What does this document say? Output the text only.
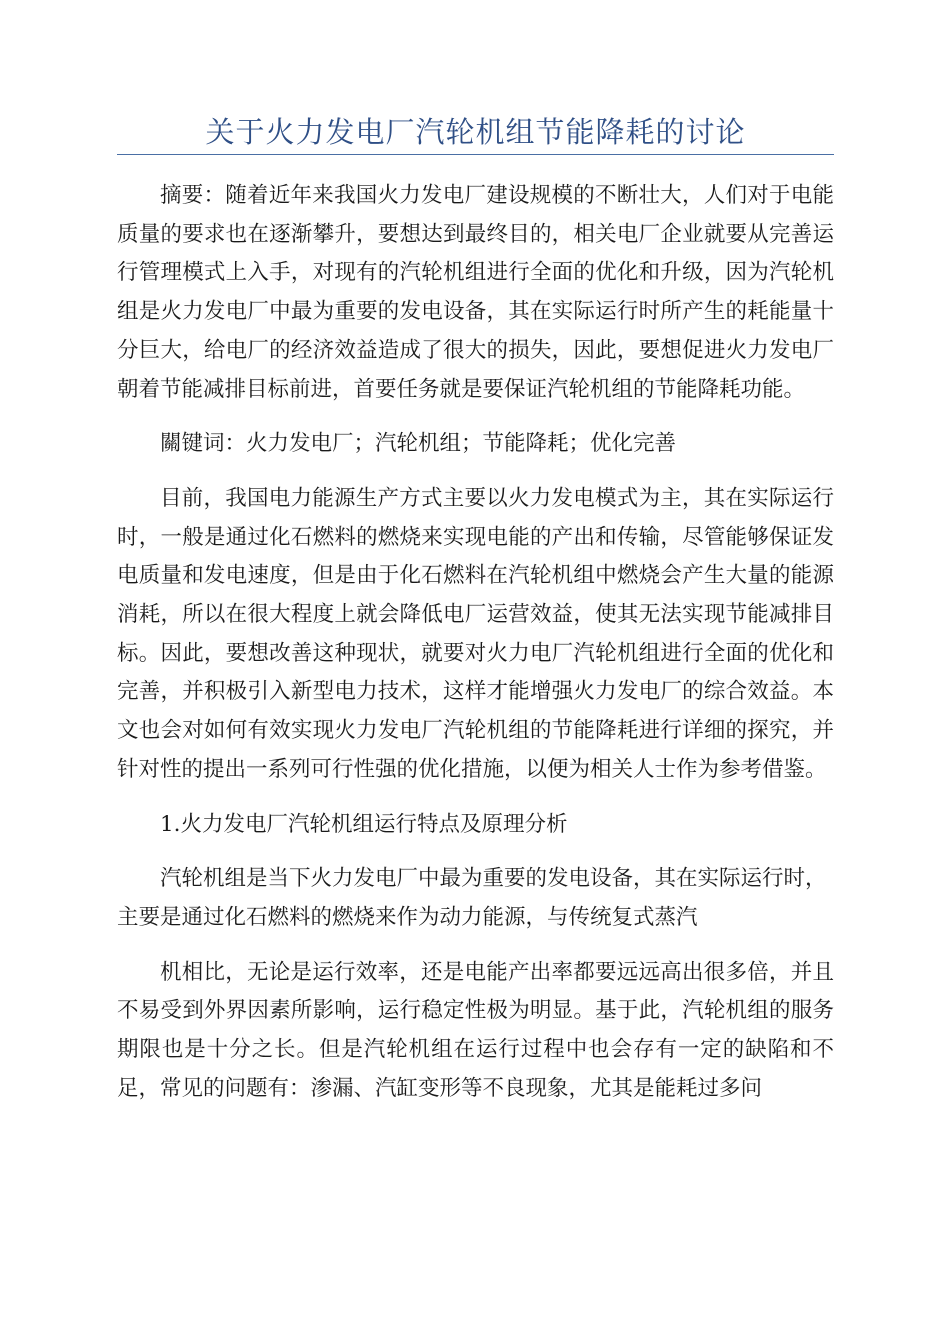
关于火力发电厂汽轮机组节能降耗的讨论

摘要：随着近年来我国火力发电厂建设规模的不断壮大，人们对于电能质量的要求也在逐渐攀升，要想达到最终目的，相关电厂企业就要从完善运行管理模式上入手，对现有的汽轮机组进行全面的优化和升级，因为汽轮机组是火力发电厂中最为重要的发电设备，其在实际运行时所产生的耗能量十分巨大，给电厂的经济效益造成了很大的损失，因此，要想促进火力发电厂朝着节能减排目标前进，首要任务就是要保证汽轮机组的节能降耗功能。

關键词：火力发电厂；汽轮机组；节能降耗；优化完善

目前，我国电力能源生产方式主要以火力发电模式为主，其在实际运行时，一般是通过化石燃料的燃烧来实现电能的产出和传输，尽管能够保证发电质量和发电速度，但是由于化石燃料在汽轮机组中燃烧会产生大量的能源消耗，所以在很大程度上就会降低电厂运营效益，使其无法实现节能减排目标。因此，要想改善这种现状，就要对火力电厂汽轮机组进行全面的优化和完善，并积极引入新型电力技术，这样才能增强火力发电厂的综合效益。本文也会对如何有效实现火力发电厂汽轮机组的节能降耗进行详细的探究，并针对性的提出一系列可行性强的优化措施，以便为相关人士作为参考借鉴。

1.火力发电厂汽轮机组运行特点及原理分析

汽轮机组是当下火力发电厂中最为重要的发电设备，其在实际运行时，主要是通过化石燃料的燃烧来作为动力能源，与传统复式蒸汽

机相比，无论是运行效率，还是电能产出率都要远远高出很多倍，并且不易受到外界因素所影响，运行稳定性极为明显。基于此，汽轮机组的服务期限也是十分之长。但是汽轮机组在运行过程中也会存有一定的缺陷和不足，常见的问题有：渗漏、汽缸变形等不良现象，尤其是能耗过多问
